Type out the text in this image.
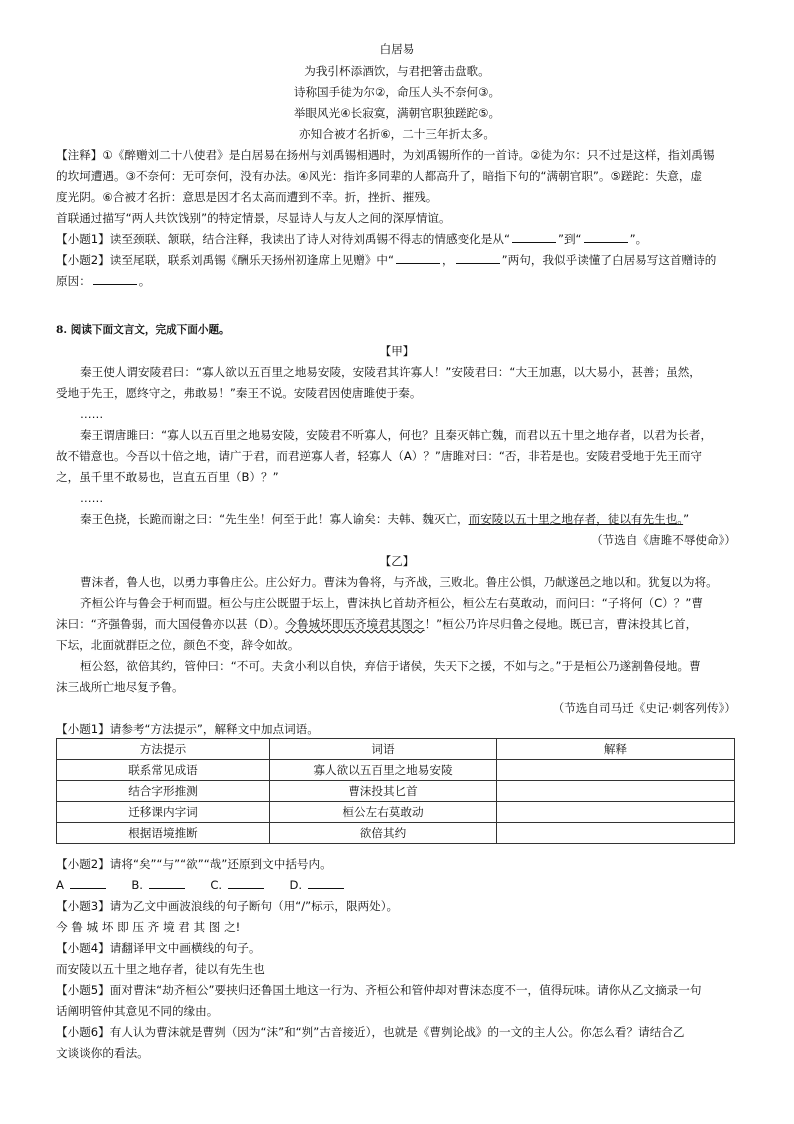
白居易
为我引杯添酒饮，与君把箸击盘歌。
诗称国手徒为尔②，命压人头不奈何③。
举眼风光④长寂寞，满朝官职独蹉跎⑤。
亦知合被才名折⑥，二十三年折太多。
【注释】①《醉赠刘二十八使君》是白居易在扬州与刘禹锡相遇时，为刘禹锡所作的一首诗。②徒为尔：只不过是这样，指刘禹锡
的坎坷遭遇。③不奈何：无可奈何，没有办法。④风光：指许多同辈的人都高升了，暗指下句的“满朝官职”。⑤蹉跎：失意，虚
度光阴。⑥合被才名折：意思是因才名太高而遭到不幸。折，挫折、摧残。
首联通过描写“两人共饮饯别”的特定情景，尽显诗人与友人之间的深厚情谊。
【小题1】读至颈联、颔联，结合注释，我读出了诗人对待刘禹锡不得志的情感变化是从“	”到“	”。
【小题2】读至尾联，联系刘禹锡《酬乐天扬州初逢席上见赠》中“	，	”两句，我似乎读懂了白居易写这首赠诗的
原因：	。
8. 阅读下面文言文，完成下面小题。
【甲】
秦王使人谓安陵君曰：“寡人欲以五百里之地易安陵，安陵君其许寡人！”安陵君曰：“大王加惠，以大易小，甚善；虽然，
受地于先王，愿终守之，弗敢易！”秦王不说。安陵君因使唐雎使于秦。
……
秦王谓唐雎曰：“寡人以五百里之地易安陵，安陵君不听寡人，何也？且秦灭韩亡魏，而君以五十里之地存者，以君为长者，
故不错意也。今吾以十倍之地，请广于君，而君逆寡人者，轻寡人（A）？”唐雎对曰：“否，非若是也。安陵君受地于先王而守
之，虽千里不敢易也，岂直五百里（B）？”
……
秦王色挠，长跪而谢之曰：“先生坐！何至于此！寡人谕矣：夫韩、魏灭亡，而安陵以五十里之地存者，徒以有先生也。”
（节选自《唐雎不辱使命》）
【乙】
曹沫者，鲁人也，以勇力事鲁庄公。庄公好力。曹沫为鲁将，与齐战，三败北。鲁庄公惧，乃献遂邑之地以和。犹复以为将。
齐桓公许与鲁会于柯而盟。桓公与庄公既盟于坛上，曹沫执匕首劫齐桓公，桓公左右莫敢动，而问曰：“子将何（C）？”曹
沫曰：“齐强鲁弱，而大国侵鲁亦以甚（D）。今鲁城坏即压齐境君其图之！”桓公乃许尽归鲁之侵地。既已言，曹沫投其匕首，
下坛，北面就群臣之位，颜色不变，辞令如故。
桓公怒，欲倍其约，管仲曰：“不可。夫贪小利以自快，弃信于诸侯，失天下之援，不如与之。”于是桓公乃遂割鲁侵地。曹
沫三战所亡地尽复予鲁。
（节选自司马迁《史记·刺客列传》）
【小题1】请参考“方法提示”，解释文中加点词语。
方法提示	词语	解释
联系常见成语	寡人欲以五百里之地易安陵	
结合字形推测	曹沫投其匕首	
迁移课内字词	桓公左右莫敢动	
根据语境推断	欲倍其约	
【小题2】请将“矣”“与”“欲”“哉”还原到文中括号内。
A	B.	C.	D.
【小题3】请为乙文中画波浪线的句子断句（用“/”标示，限两处）。
今 鲁 城 坏 即 压 齐 境 君 其 图 之!
【小题4】请翻译甲文中画横线的句子。
而安陵以五十里之地存者，徒以有先生也
【小题5】面对曹沫“劫齐桓公”要挟归还鲁国土地这一行为、齐桓公和管仲却对曹沫态度不一，值得玩味。请你从乙文摘录一句
话阐明管仲其意见不同的缘由。
【小题6】有人认为曹沫就是曹刿（因为“沫”和“刿”古音接近），也就是《曹刿论战》的一文的主人公。你怎么看？请结合乙
文谈谈你的看法。
